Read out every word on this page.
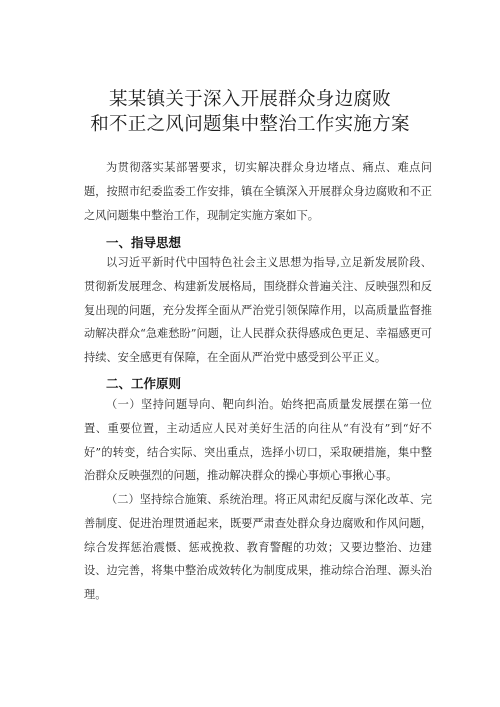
某某镇关于深入开展群众身边腐败
和不正之风问题集中整治工作实施方案

为贯彻落实某部署要求，切实解决群众身边堵点、痛点、难点问题，按照市纪委监委工作安排，镇在全镇深入开展群众身边腐败和不正之风问题集中整治工作，现制定实施方案如下。

一、指导思想

以习近平新时代中国特色社会主义思想为指导,立足新发展阶段、贯彻新发展理念、构建新发展格局，围绕群众普遍关注、反映强烈和反复出现的问题，充分发挥全面从严治党引领保障作用，以高质量监督推动解决群众“急难愁盼”问题，让人民群众获得感成色更足、幸福感更可持续、安全感更有保障，在全面从严治党中感受到公平正义。

二、工作原则

（一）坚持问题导向、靶向纠治。始终把高质量发展摆在第一位置、重要位置，主动适应人民对美好生活的向往从“有没有”到“好不好”的转变，结合实际、突出重点，选择小切口，采取硬措施，集中整治群众反映强烈的问题，推动解决群众的操心事烦心事揪心事。

（二）坚持综合施策、系统治理。将正风肃纪反腐与深化改革、完善制度、促进治理贯通起来，既要严肃查处群众身边腐败和作风问题，综合发挥惩治震慑、惩戒挽救、教育警醒的功效；又要边整治、边建设、边完善，将集中整治成效转化为制度成果，推动综合治理、源头治理。
